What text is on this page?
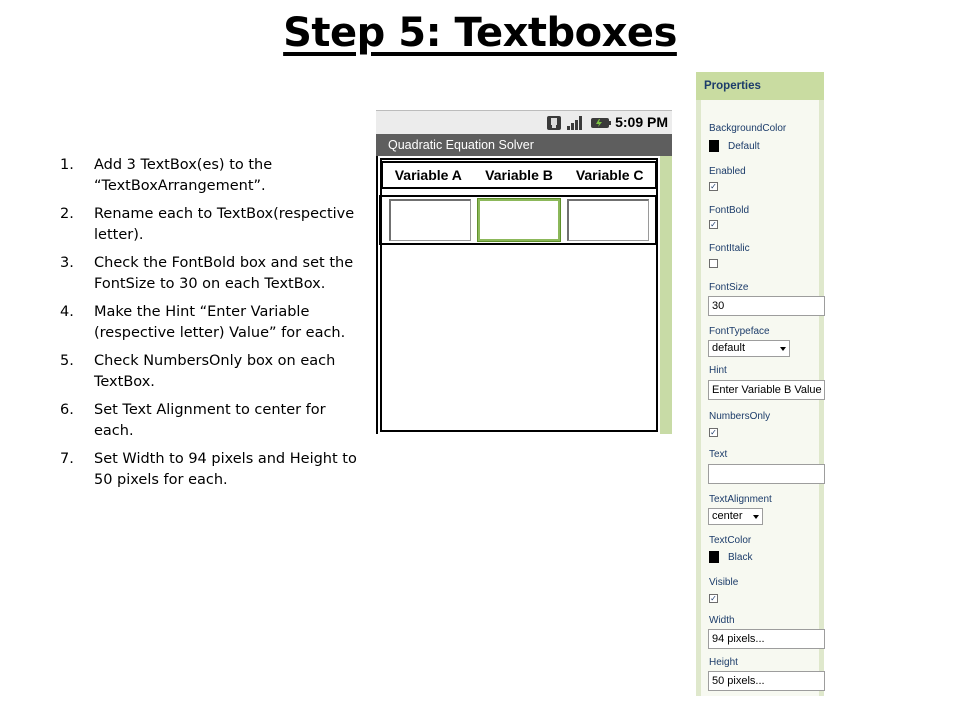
Step 5: Textboxes
1.	Add 3 TextBox(es) to the “TextBoxArrangement”.
2.	Rename each to TextBox(respective letter).
3.	Check the FontBold box and set the FontSize to 30 on each TextBox.
4.	Make the Hint “Enter Variable (respective letter) Value” for each.
5.	Check NumbersOnly box on each TextBox.
6.	Set Text Alignment to center for each.
7.	Set Width to 94 pixels and Height to 50 pixels for each.
5:09 PM
Quadratic Equation Solver
Variable A	Variable B	Variable C
Properties
BackgroundColor
Default
Enabled
✓
FontBold
✓
FontItalic
FontSize
30
FontTypeface
default
Hint
Enter Variable B Value
NumbersOnly
✓
Text
TextAlignment
center
TextColor
Black
Visible
✓
Width
94 pixels...
Height
50 pixels...
